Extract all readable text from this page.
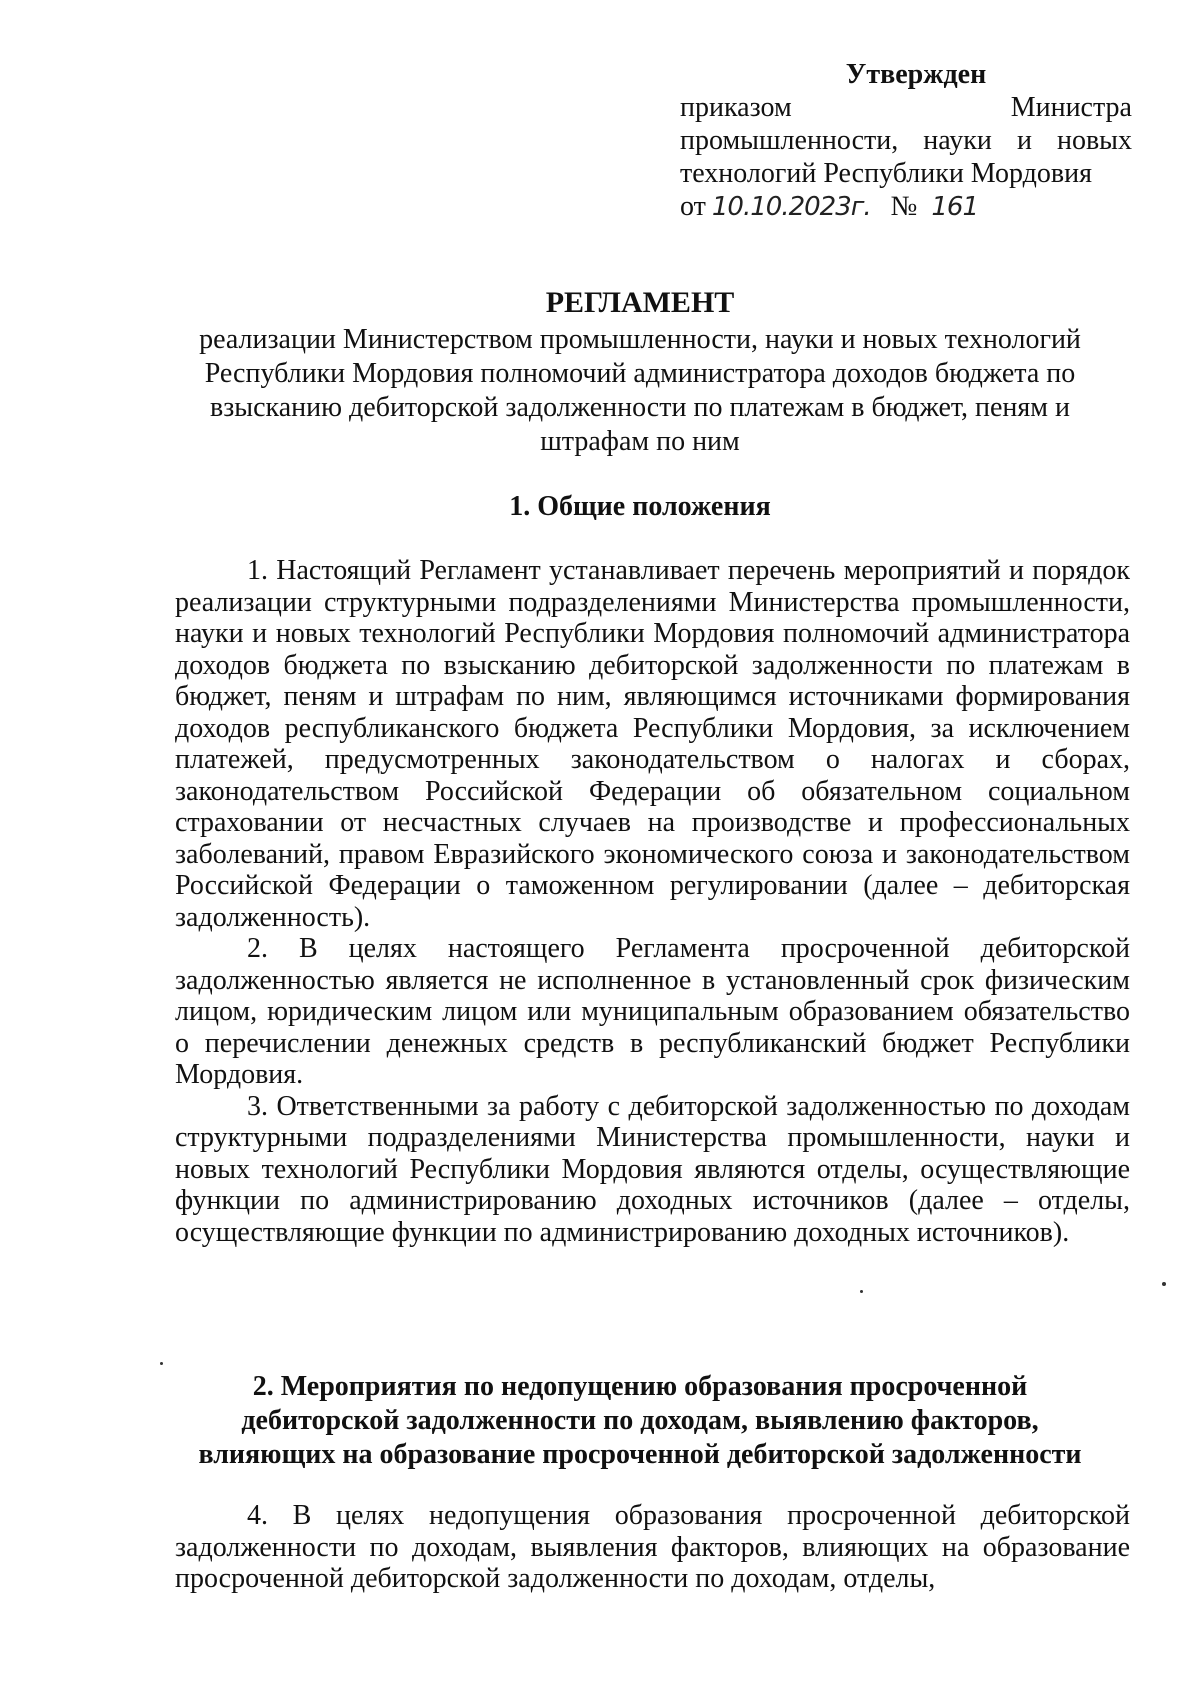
Утвержден
приказом	Министра
промышленности, науки и новых
технологий Республики Мордовия
от 10.10.2023г. № 161
РЕГЛАМЕНТ
реализации Министерством промышленности, науки и новых технологий Республики Мордовия полномочий администратора доходов бюджета по взысканию дебиторской задолженности по платежам в бюджет, пеням и штрафам по ним
1. Общие положения

1. Настоящий Регламент устанавливает перечень мероприятий и порядок реализации структурными подразделениями Министерства промышленности, науки и новых технологий Республики Мордовия полномочий администратора доходов бюджета по взысканию дебиторской задолженности по платежам в бюджет, пеням и штрафам по ним, являющимся источниками формирования доходов республиканского бюджета Республики Мордовия, за исключением платежей, предусмотренных законодательством о налогах и сборах, законодательством Российской Федерации об обязательном социальном страховании от несчастных случаев на производстве и профессиональных заболеваний, правом Евразийского экономического союза и законодательством Российской Федерации о таможенном регулировании (далее – дебиторская задолженность).

2. В целях настоящего Регламента просроченной дебиторской задолженностью является не исполненное в установленный срок физическим лицом, юридическим лицом или муниципальным образованием обязательство о перечислении денежных средств в республиканский бюджет Республики Мордовия.

3. Ответственными за работу с дебиторской задолженностью по доходам структурными подразделениями Министерства промышленности, науки и новых технологий Республики Мордовия являются отделы, осуществляющие функции по администрированию доходных источников (далее – отделы, осуществляющие функции по администрированию доходных источников).

2. Мероприятия по недопущению образования просроченной
дебиторской задолженности по доходам, выявлению факторов,
влияющих на образование просроченной дебиторской задолженности

4. В целях недопущения образования просроченной дебиторской задолженности по доходам, выявления факторов, влияющих на образование просроченной дебиторской задолженности по доходам, отделы,
